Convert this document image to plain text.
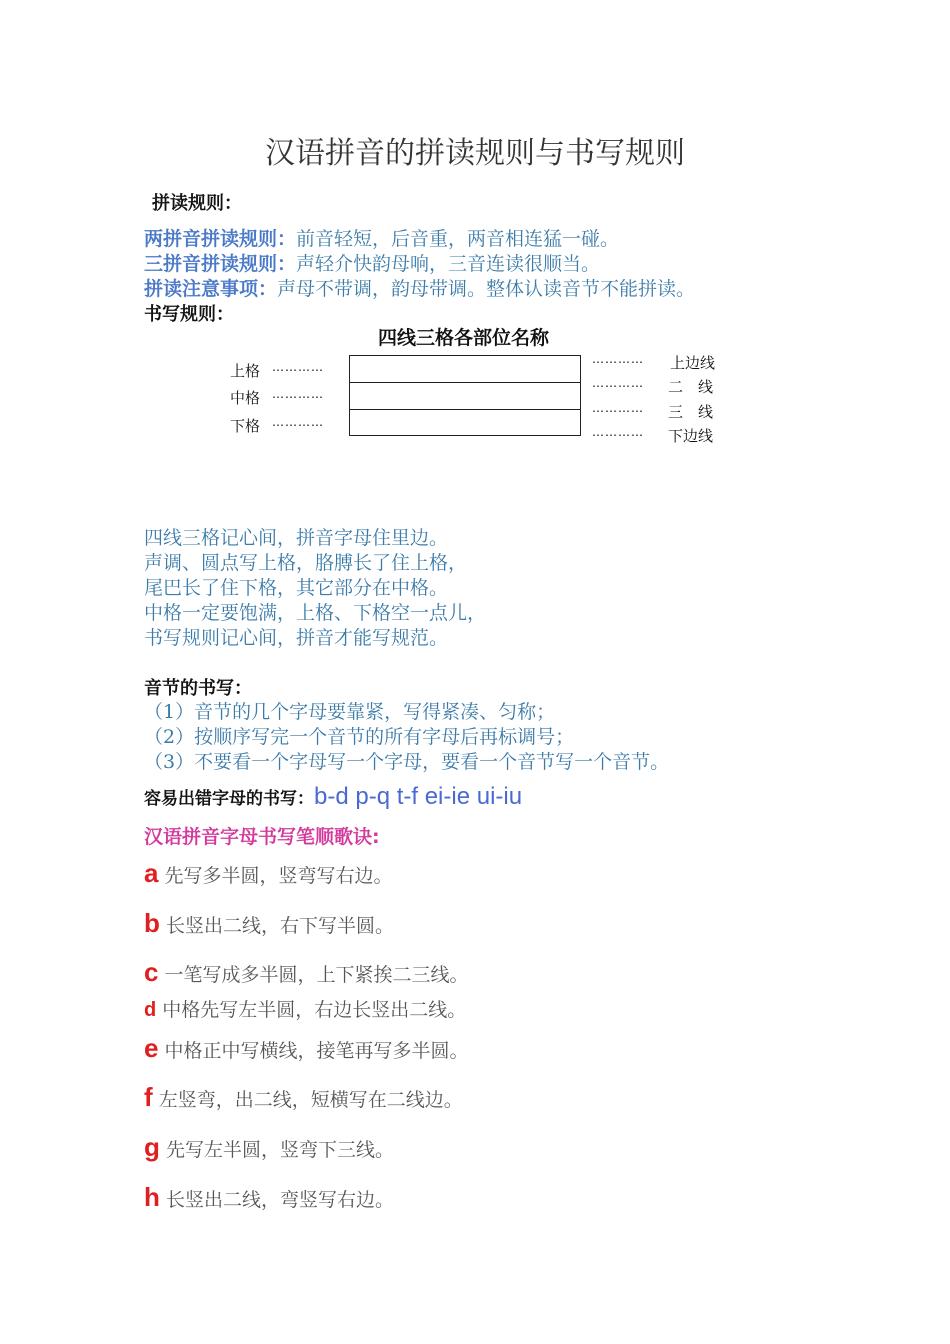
汉语拼音的拼读规则与书写规则
拼读规则：
两拼音拼读规则：前音轻短，后音重，两音相连猛一碰。
三拼音拼读规则：声轻介快韵母响，三音连读很顺当。
拼读注意事项：声母不带调，韵母带调。整体认读音节不能拼读。
书写规则：
四线三格各部位名称
上格 …………
中格 …………
下格 …………
………… 上边线
………… 二　线
………… 三　线
………… 下边线
四线三格记心间，拼音字母住里边。
声调、圆点写上格，胳膊长了住上格，
尾巴长了住下格，其它部分在中格。
中格一定要饱满，上格、下格空一点儿，
书写规则记心间，拼音才能写规范。
音节的书写：
（1）音节的几个字母要靠紧，写得紧凑、匀称；
（2）按顺序写完一个音节的所有字母后再标调号；
（3）不要看一个字母写一个字母，要看一个音节写一个音节。
容易出错字母的书写：b-d p-q t-f ei-ie ui-iu
汉语拼音字母书写笔顺歌诀:
a 先写多半圆，竖弯写右边。
b 长竖出二线，右下写半圆。
c 一笔写成多半圆，上下紧挨二三线。
d 中格先写左半圆，右边长竖出二线。
e 中格正中写横线，接笔再写多半圆。
f 左竖弯，出二线，短横写在二线边。
g 先写左半圆，竖弯下三线。
h 长竖出二线，弯竖写右边。
